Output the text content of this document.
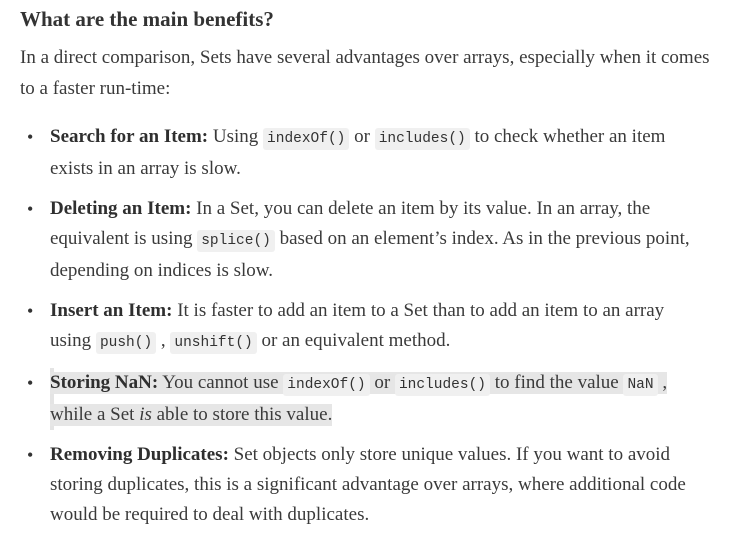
What are the main benefits?

In a direct comparison, Sets have several advantages over arrays, especially when it comes to a faster run-time:

• Search for an Item: Using indexOf() or includes() to check whether an item exists in an array is slow.
• Deleting an Item: In a Set, you can delete an item by its value. In an array, the equivalent is using splice() based on an element’s index. As in the previous point, depending on indices is slow.
• Insert an Item: It is faster to add an item to a Set than to add an item to an array using push() , unshift() or an equivalent method.
• Storing NaN: You cannot use indexOf() or includes() to find the value NaN , while a Set is able to store this value.
• Removing Duplicates: Set objects only store unique values. If you want to avoid storing duplicates, this is a significant advantage over arrays, where additional code would be required to deal with duplicates.
